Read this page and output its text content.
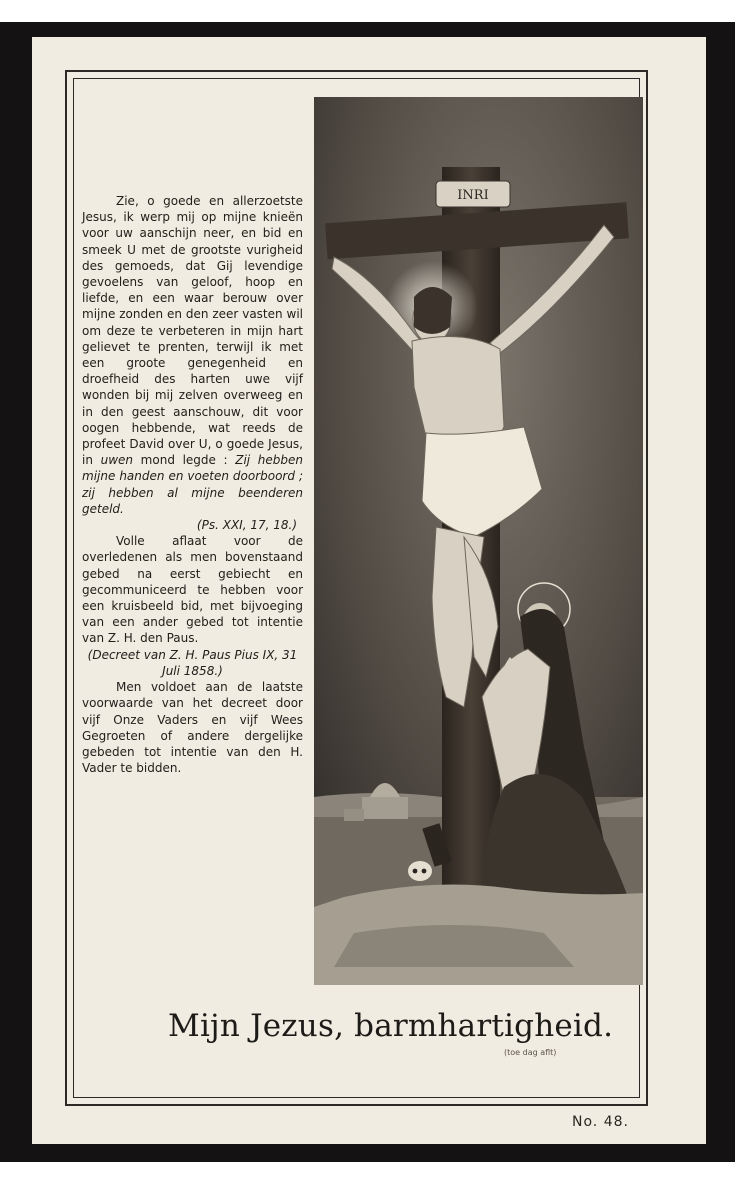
Zie, o goede en allerzoetste Jesus, ik werp mij op mijne knieën voor uw aanschijn neer, en bid en smeek U met de grootste vurigheid des gemoeds, dat Gij levendige gevoelens van geloof, hoop en liefde, en een waar berouw over mijne zonden en den zeer vasten wil om deze te verbeteren in mijn hart gelievet te prenten, terwijl ik met een groote genegenheid en droefheid des harten uwe vijf wonden bij mij zelven overweeg en in den geest aanschouw, dit voor oogen hebbende, wat reeds de profeet David over U, o goede Jesus, in uwen mond legde : Zij hebben mijne handen en voeten doorboord ; zij hebben al mijne beenderen geteld.

(Ps. XXI, 17, 18.)

Volle aflaat voor de overledenen als men bovenstaand gebed na eerst gebiecht en gecommuniceerd te hebben voor een kruisbeeld bid, met bijvoeging van een ander gebed tot intentie van Z. H. den Paus.

(Decreet van Z. H. Paus Pius IX, 31 Juli 1858.)

Men voldoet aan de laatste voorwaarde van het decreet door vijf Onze Vaders en vijf Wees Gegroeten of andere dergelijke gebeden tot intentie van den H. Vader te bidden.

INRI
Mijn Jezus, barmhartigheid.
(toe dag aflt)
No. 48.
